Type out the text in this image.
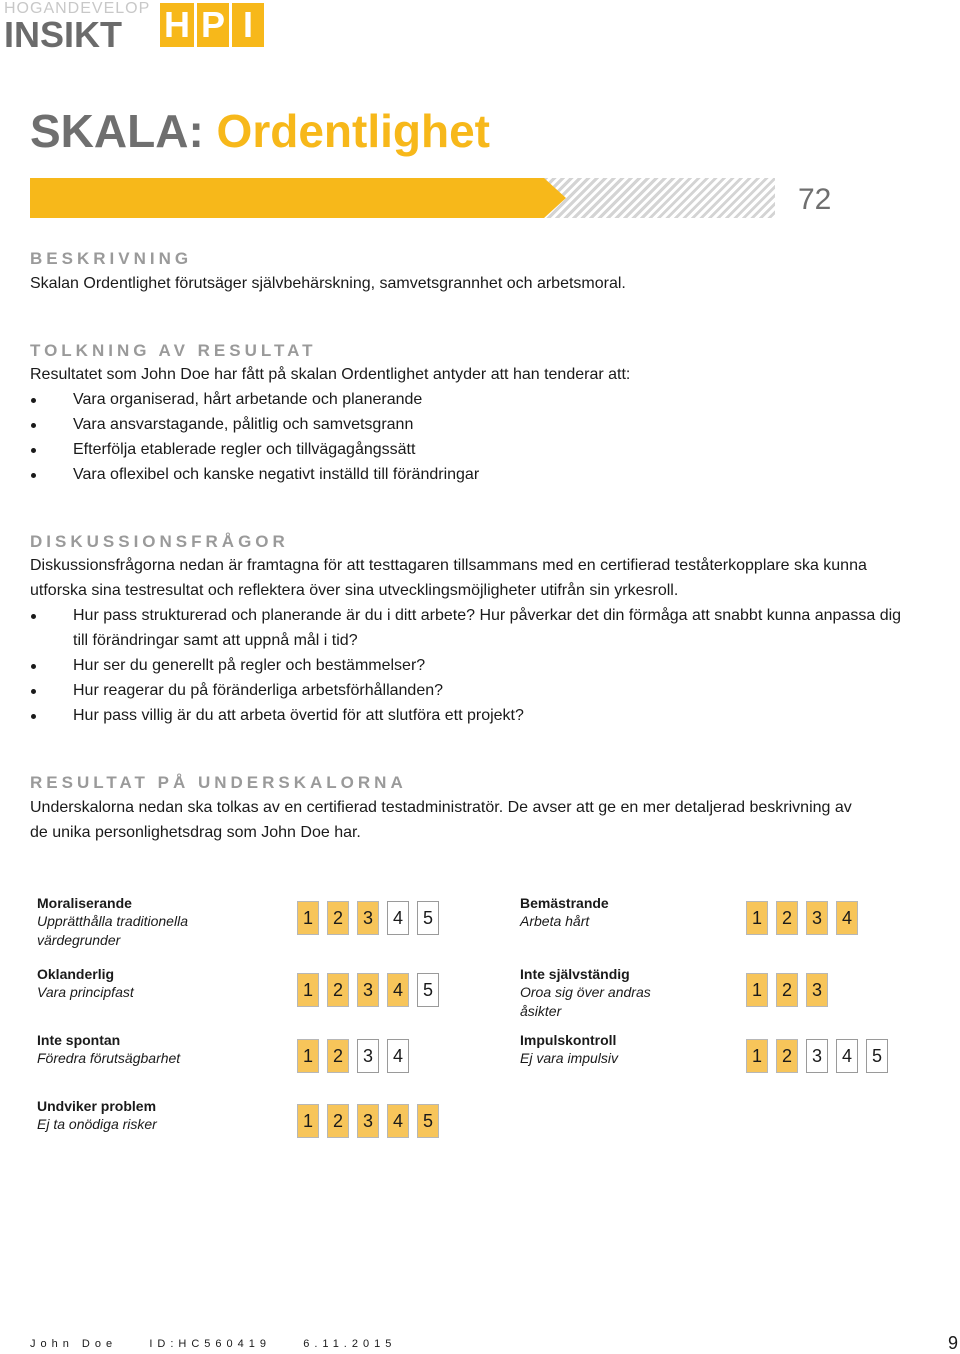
HOGANDEVELOP
INSIKT H P I
SKALA: Ordentlighet
72
BESKRIVNING
Skalan Ordentlighet förutsäger självbehärskning, samvetsgrannhet och arbetsmoral.
TOLKNING AV RESULTAT
Resultatet som John Doe har fått på skalan Ordentlighet antyder att han tenderar att:
Vara organiserad, hårt arbetande och planerande
Vara ansvarstagande, pålitlig och samvetsgrann
Efterfölja etablerade regler och tillvägagångssätt
Vara oflexibel och kanske negativt inställd till förändringar
DISKUSSIONSFRÅGOR
Diskussionsfrågorna nedan är framtagna för att testtagaren tillsammans med en certifierad teståterkopplare ska kunna
utforska sina testresultat och reflektera över sina utvecklingsmöjligheter utifrån sin yrkesroll.
Hur pass strukturerad och planerande är du i ditt arbete? Hur påverkar det din förmåga att snabbt kunna anpassa dig till förändringar samt att uppnå mål i tid?
Hur ser du generellt på regler och bestämmelser?
Hur reagerar du på föränderliga arbetsförhållanden?
Hur pass villig är du att arbeta övertid för att slutföra ett projekt?
RESULTAT PÅ UNDERSKALORNA
Underskalorna nedan ska tolkas av en certifierad testadministratör. De avser att ge en mer detaljerad beskrivning av
de unika personlighetsdrag som John Doe har.
Moraliserande
Upprätthålla traditionella värdegrunder
1	2	3	4	5
Bemästrande
Arbeta hårt	1	2	3	4
Oklanderlig
Vara principfast	1	2	3	4	5
Inte självständig
Oroa sig över andras åsikter
1	2	3
Inte spontan
Föredra förutsägbarhet	1	2	3	4
Impulskontroll
Ej vara impulsiv	1	2	3	4	5
Undviker problem
Ej ta onödiga risker	1	2	3	4	5
John Doe	ID:HC560419	6.11.2015	9
